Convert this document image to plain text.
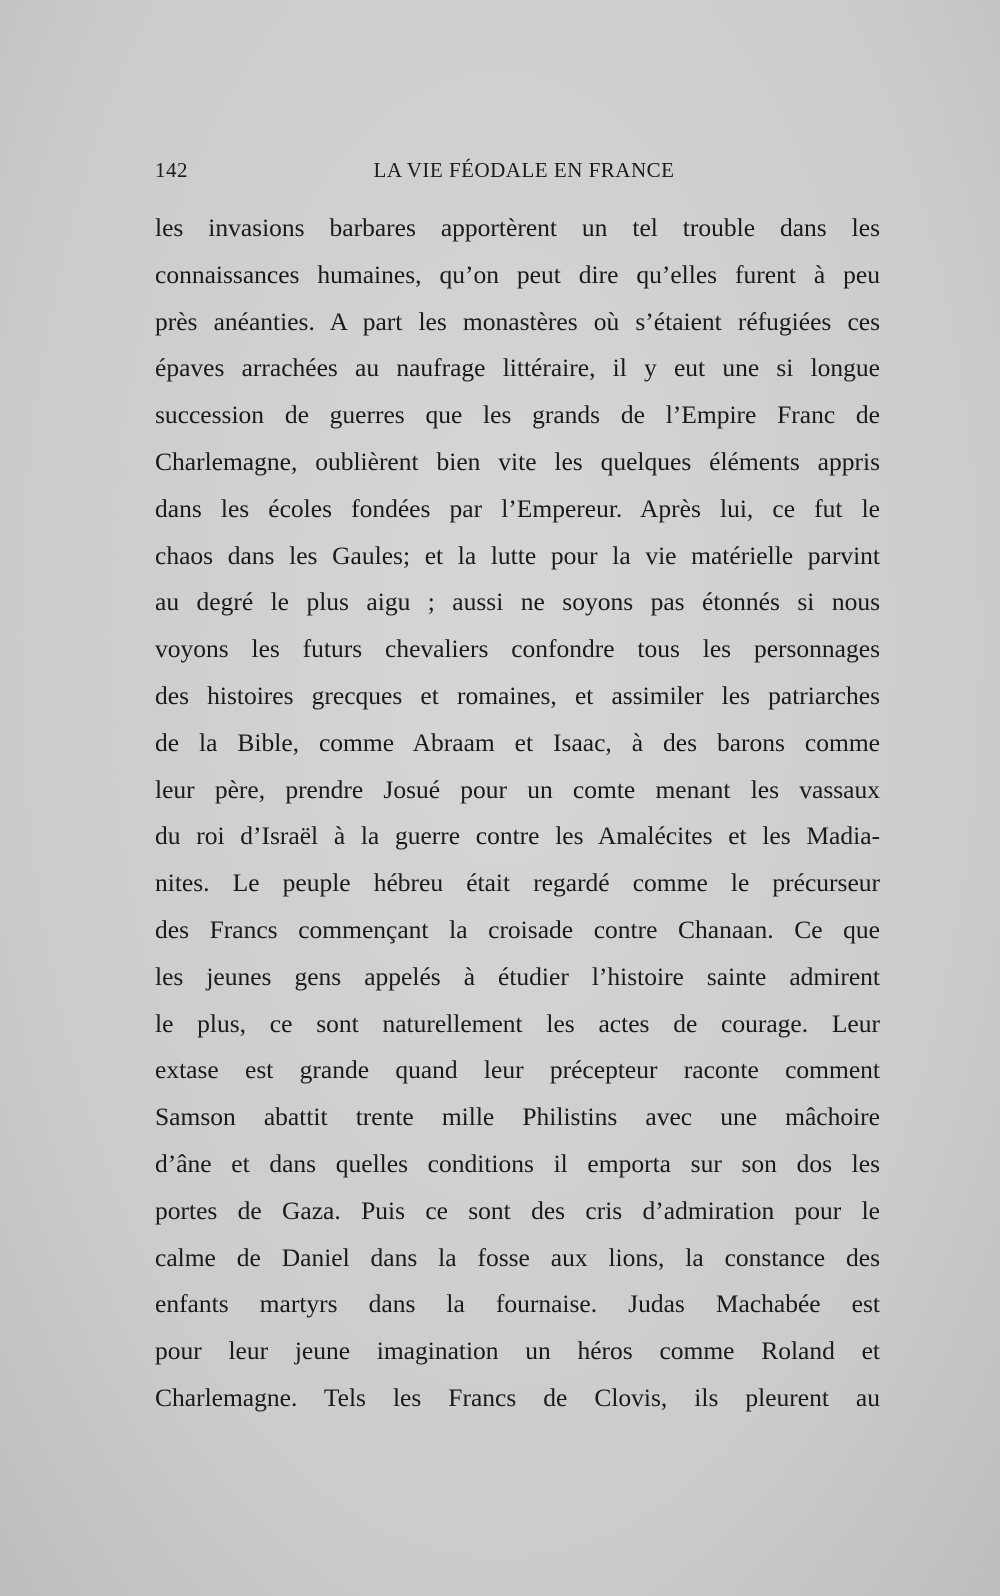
142	LA VIE FÉODALE EN FRANCE
les invasions barbares apportèrent un tel trouble dans les
connaissances humaines, qu’on peut dire qu’elles furent à peu
près anéanties. A part les monastères où s’étaient réfugiées ces
épaves arrachées au naufrage littéraire, il y eut une si longue
succession de guerres que les grands de l’Empire Franc de
Charlemagne, oublièrent bien vite les quelques éléments appris
dans les écoles fondées par l’Empereur. Après lui, ce fut le
chaos dans les Gaules; et la lutte pour la vie matérielle parvint
au degré le plus aigu ; aussi ne soyons pas étonnés si nous
voyons les futurs chevaliers confondre tous les personnages
des histoires grecques et romaines, et assimiler les patriarches
de la Bible, comme Abraam et Isaac, à des barons comme
leur père, prendre Josué pour un comte menant les vassaux
du roi d’Israël à la guerre contre les Amalécites et les Madia-
nites. Le peuple hébreu était regardé comme le précurseur
des Francs commençant la croisade contre Chanaan. Ce que
les jeunes gens appelés à étudier l’histoire sainte admirent
le plus, ce sont naturellement les actes de courage. Leur
extase est grande quand leur précepteur raconte comment
Samson abattit trente mille Philistins avec une mâchoire
d’âne et dans quelles conditions il emporta sur son dos les
portes de Gaza. Puis ce sont des cris d’admiration pour le
calme de Daniel dans la fosse aux lions, la constance des
enfants martyrs dans la fournaise. Judas Machabée est
pour leur jeune imagination un héros comme Roland et
Charlemagne. Tels les Francs de Clovis, ils pleurent au
